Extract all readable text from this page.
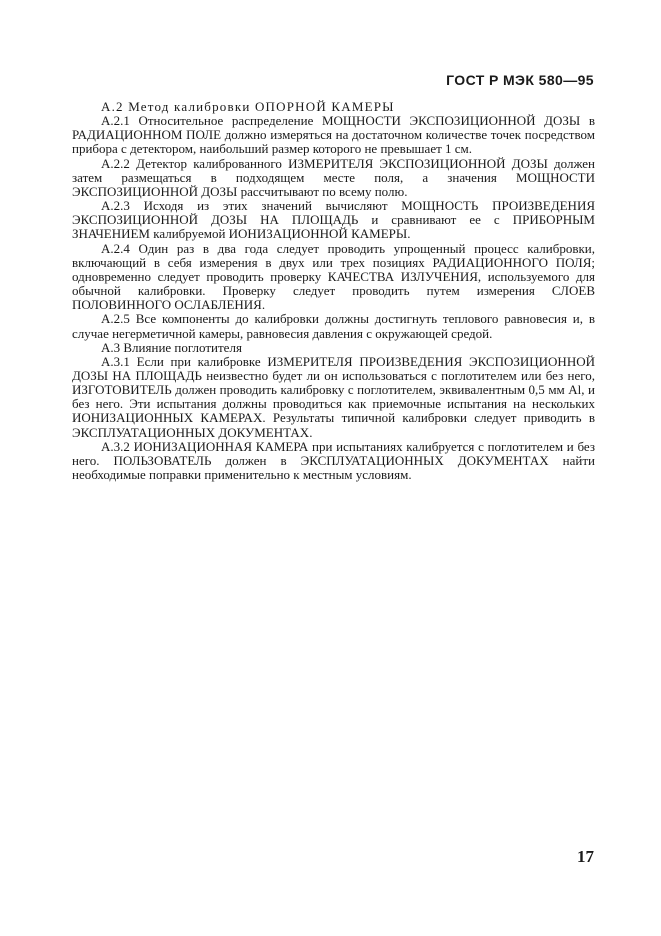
ГОСТ Р МЭК 580—95

А.2 Метод калибровки ОПОРНОЙ КАМЕРЫ

А.2.1 Относительное распределение МОЩНОСТИ ЭКСПОЗИЦИОННОЙ ДОЗЫ в РАДИАЦИОННОМ ПОЛЕ должно измеряться на достаточном количестве точек посредством прибора с детектором, наибольший размер которого не превышает 1 см.

А.2.2 Детектор калиброванного ИЗМЕРИТЕЛЯ ЭКСПОЗИЦИОННОЙ ДОЗЫ должен затем размещаться в подходящем месте поля, а значения МОЩНОСТИ ЭКСПОЗИЦИОННОЙ ДОЗЫ рассчитывают по всему полю.

А.2.3 Исходя из этих значений вычисляют МОЩНОСТЬ ПРОИЗВЕДЕНИЯ ЭКСПОЗИЦИОННОЙ ДОЗЫ НА ПЛОЩАДЬ и сравнивают ее с ПРИБОРНЫМ ЗНАЧЕНИЕМ калибруемой ИОНИЗАЦИОННОЙ КАМЕРЫ.

А.2.4 Один раз в два года следует проводить упрощенный процесс калибровки, включающий в себя измерения в двух или трех позициях РАДИАЦИОННОГО ПОЛЯ; одновременно следует проводить проверку КАЧЕСТВА ИЗЛУЧЕНИЯ, используемого для обычной калибровки. Проверку следует проводить путем измерения СЛОЕВ ПОЛОВИННОГО ОСЛАБЛЕНИЯ.

А.2.5 Все компоненты до калибровки должны достигнуть теплового равновесия и, в случае негерметичной камеры, равновесия давления с окружающей средой.

А.3 Влияние поглотителя

А.3.1 Если при калибровке ИЗМЕРИТЕЛЯ ПРОИЗВЕДЕНИЯ ЭКСПОЗИЦИОННОЙ ДОЗЫ НА ПЛОЩАДЬ неизвестно будет ли он использоваться с поглотителем или без него, ИЗГОТОВИТЕЛЬ должен проводить калибровку с поглотителем, эквивалентным 0,5 мм Al, и без него. Эти испытания должны проводиться как приемочные испытания на нескольких ИОНИЗАЦИОННЫХ КАМЕРАХ. Результаты типичной калибровки следует приводить в ЭКСПЛУАТАЦИОННЫХ ДОКУМЕНТАХ.

А.3.2 ИОНИЗАЦИОННАЯ КАМЕРА при испытаниях калибруется с поглотителем и без него. ПОЛЬЗОВАТЕЛЬ должен в ЭКСПЛУАТАЦИОННЫХ ДОКУМЕНТАХ найти необходимые поправки применительно к местным условиям.

17
